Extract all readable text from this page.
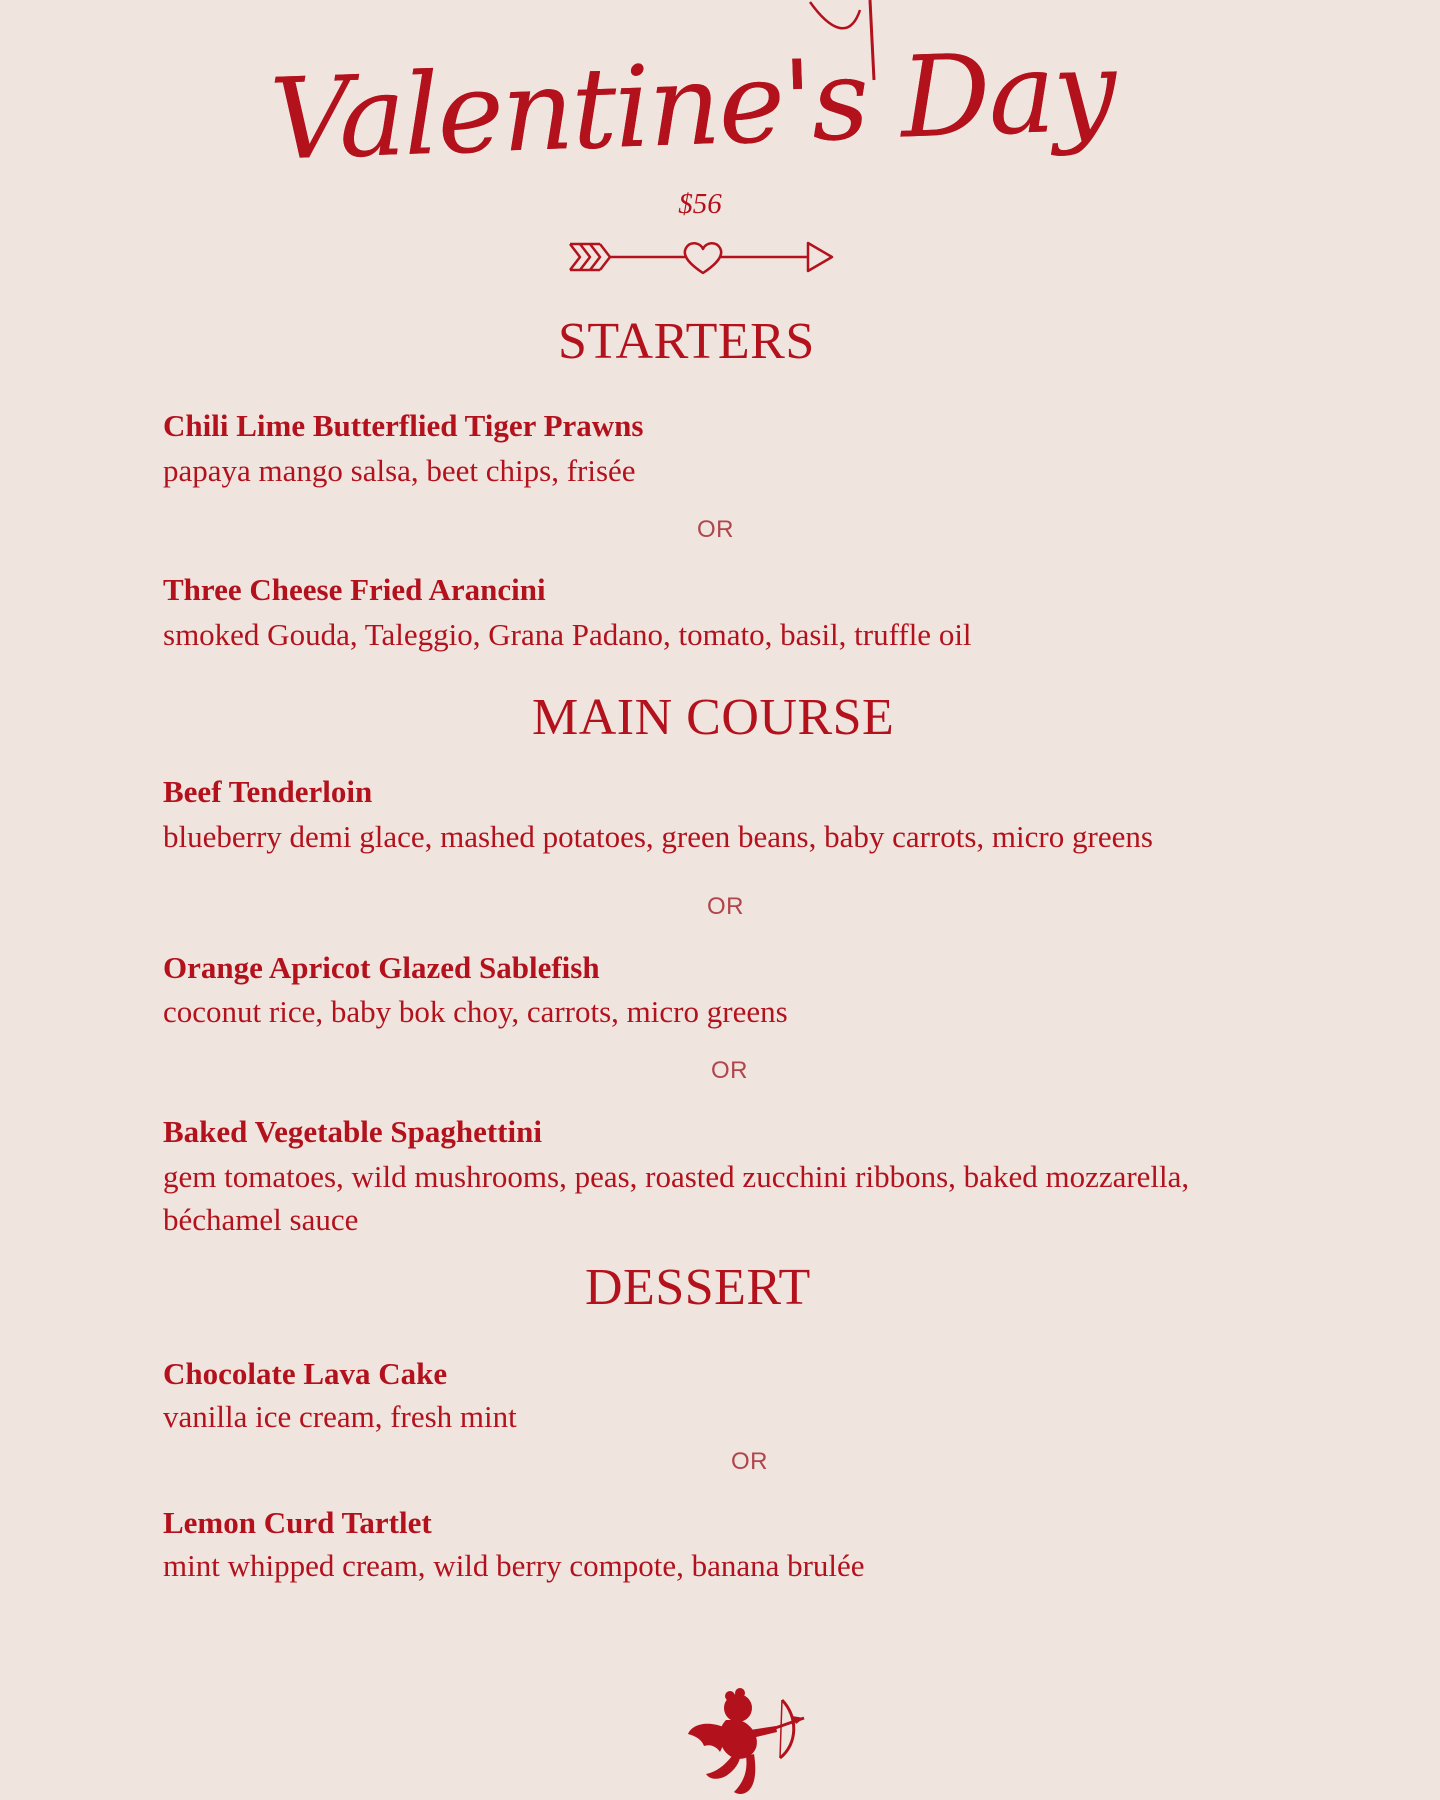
Valentine's Day
$56
STARTERS
Chili Lime Butterflied Tiger Prawns
papaya mango salsa, beet chips, frisée
OR
Three Cheese Fried Arancini
smoked Gouda, Taleggio, Grana Padano, tomato, basil, truffle oil
MAIN COURSE
Beef Tenderloin
blueberry demi glace, mashed potatoes, green beans, baby carrots, micro greens
OR
Orange Apricot Glazed Sablefish
coconut rice, baby bok choy, carrots, micro greens
OR
Baked Vegetable Spaghettini
gem tomatoes, wild mushrooms, peas, roasted zucchini ribbons, baked mozzarella, béchamel sauce
DESSERT
Chocolate Lava Cake
vanilla ice cream, fresh mint
OR
Lemon Curd Tartlet
mint whipped cream, wild berry compote, banana brulée
